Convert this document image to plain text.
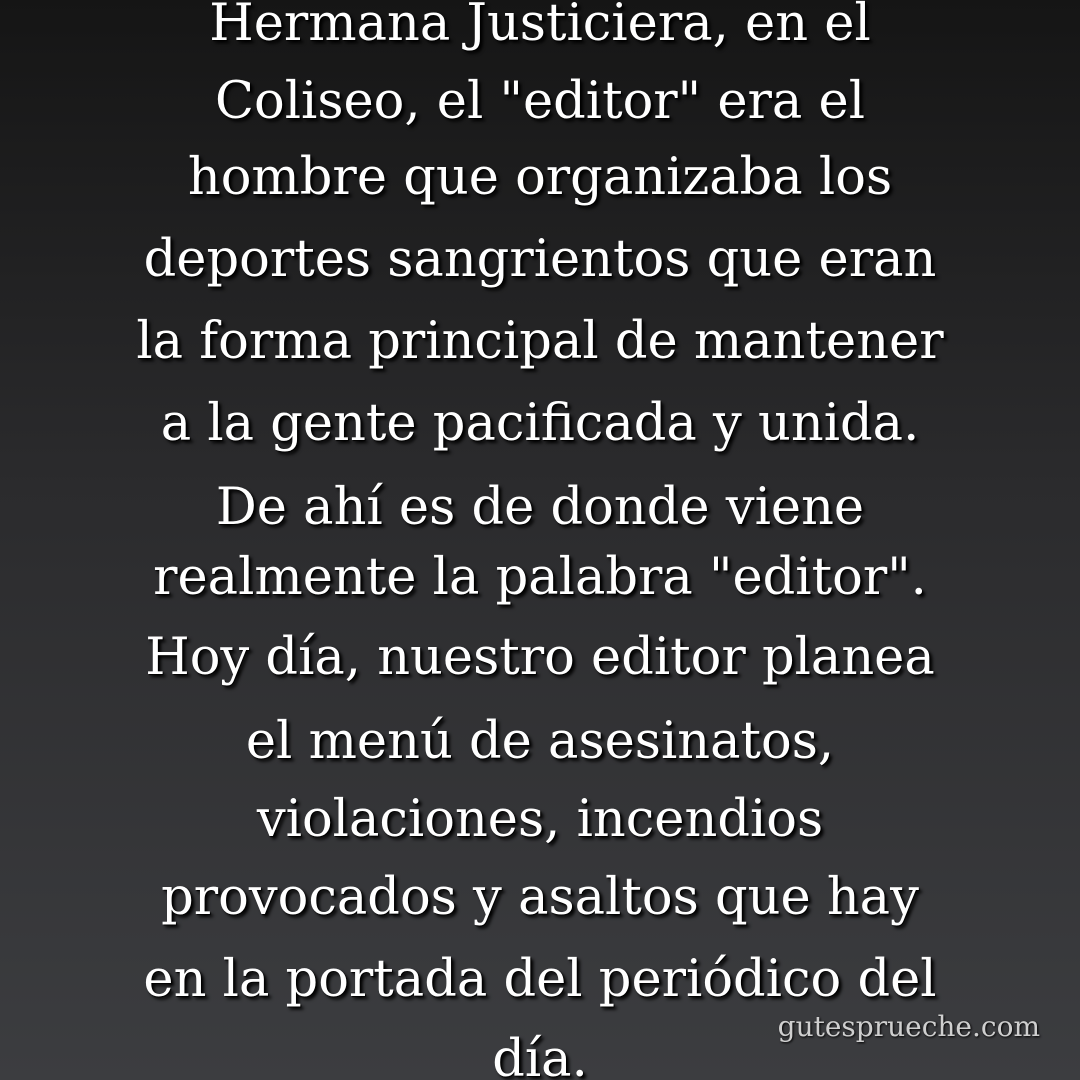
Hermana Justiciera, en el
Coliseo, el "editor" era el
hombre que organizaba los
deportes sangrientos que eran
la forma principal de mantener
a la gente pacificada y unida.
De ahí es de donde viene
realmente la palabra "editor".
Hoy día, nuestro editor planea
el menú de asesinatos,
violaciones, incendios
provocados y asaltos que hay
en la portada del periódico del
día.
gutesprueche.com
